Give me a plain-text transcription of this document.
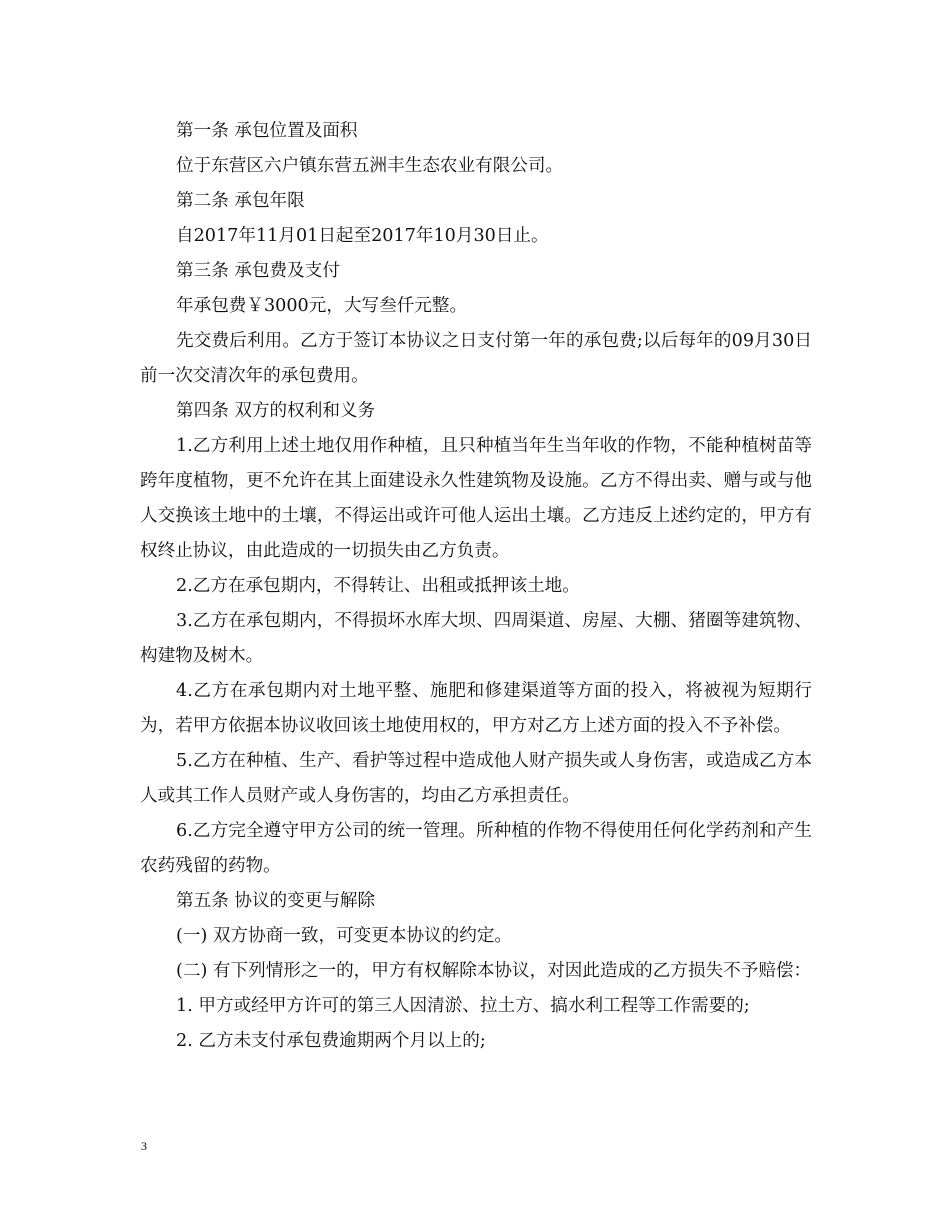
第一条 承包位置及面积

位于东营区六户镇东营五洲丰生态农业有限公司。

第二条 承包年限

自2017年11月01日起至2017年10月30日止。

第三条 承包费及支付

年承包费￥3000元，大写叁仟元整。

先交费后利用。乙方于签订本协议之日支付第一年的承包费;以后每年的09月30日前一次交清次年的承包费用。

第四条 双方的权利和义务

1.乙方利用上述土地仅用作种植，且只种植当年生当年收的作物，不能种植树苗等跨年度植物，更不允许在其上面建设永久性建筑物及设施。乙方不得出卖、赠与或与他人交换该土地中的土壤，不得运出或许可他人运出土壤。乙方违反上述约定的，甲方有权终止协议，由此造成的一切损失由乙方负责。

2.乙方在承包期内，不得转让、出租或抵押该土地。

3.乙方在承包期内，不得损坏水库大坝、四周渠道、房屋、大棚、猪圈等建筑物、构建物及树木。

4.乙方在承包期内对土地平整、施肥和修建渠道等方面的投入，将被视为短期行为，若甲方依据本协议收回该土地使用权的，甲方对乙方上述方面的投入不予补偿。

5.乙方在种植、生产、看护等过程中造成他人财产损失或人身伤害，或造成乙方本人或其工作人员财产或人身伤害的，均由乙方承担责任。

6.乙方完全遵守甲方公司的统一管理。所种植的作物不得使用任何化学药剂和产生农药残留的药物。

第五条 协议的变更与解除

(一) 双方协商一致，可变更本协议的约定。

(二) 有下列情形之一的，甲方有权解除本协议，对因此造成的乙方损失不予赔偿：

1. 甲方或经甲方许可的第三人因清淤、拉土方、搞水利工程等工作需要的;

2. 乙方未支付承包费逾期两个月以上的;

3
